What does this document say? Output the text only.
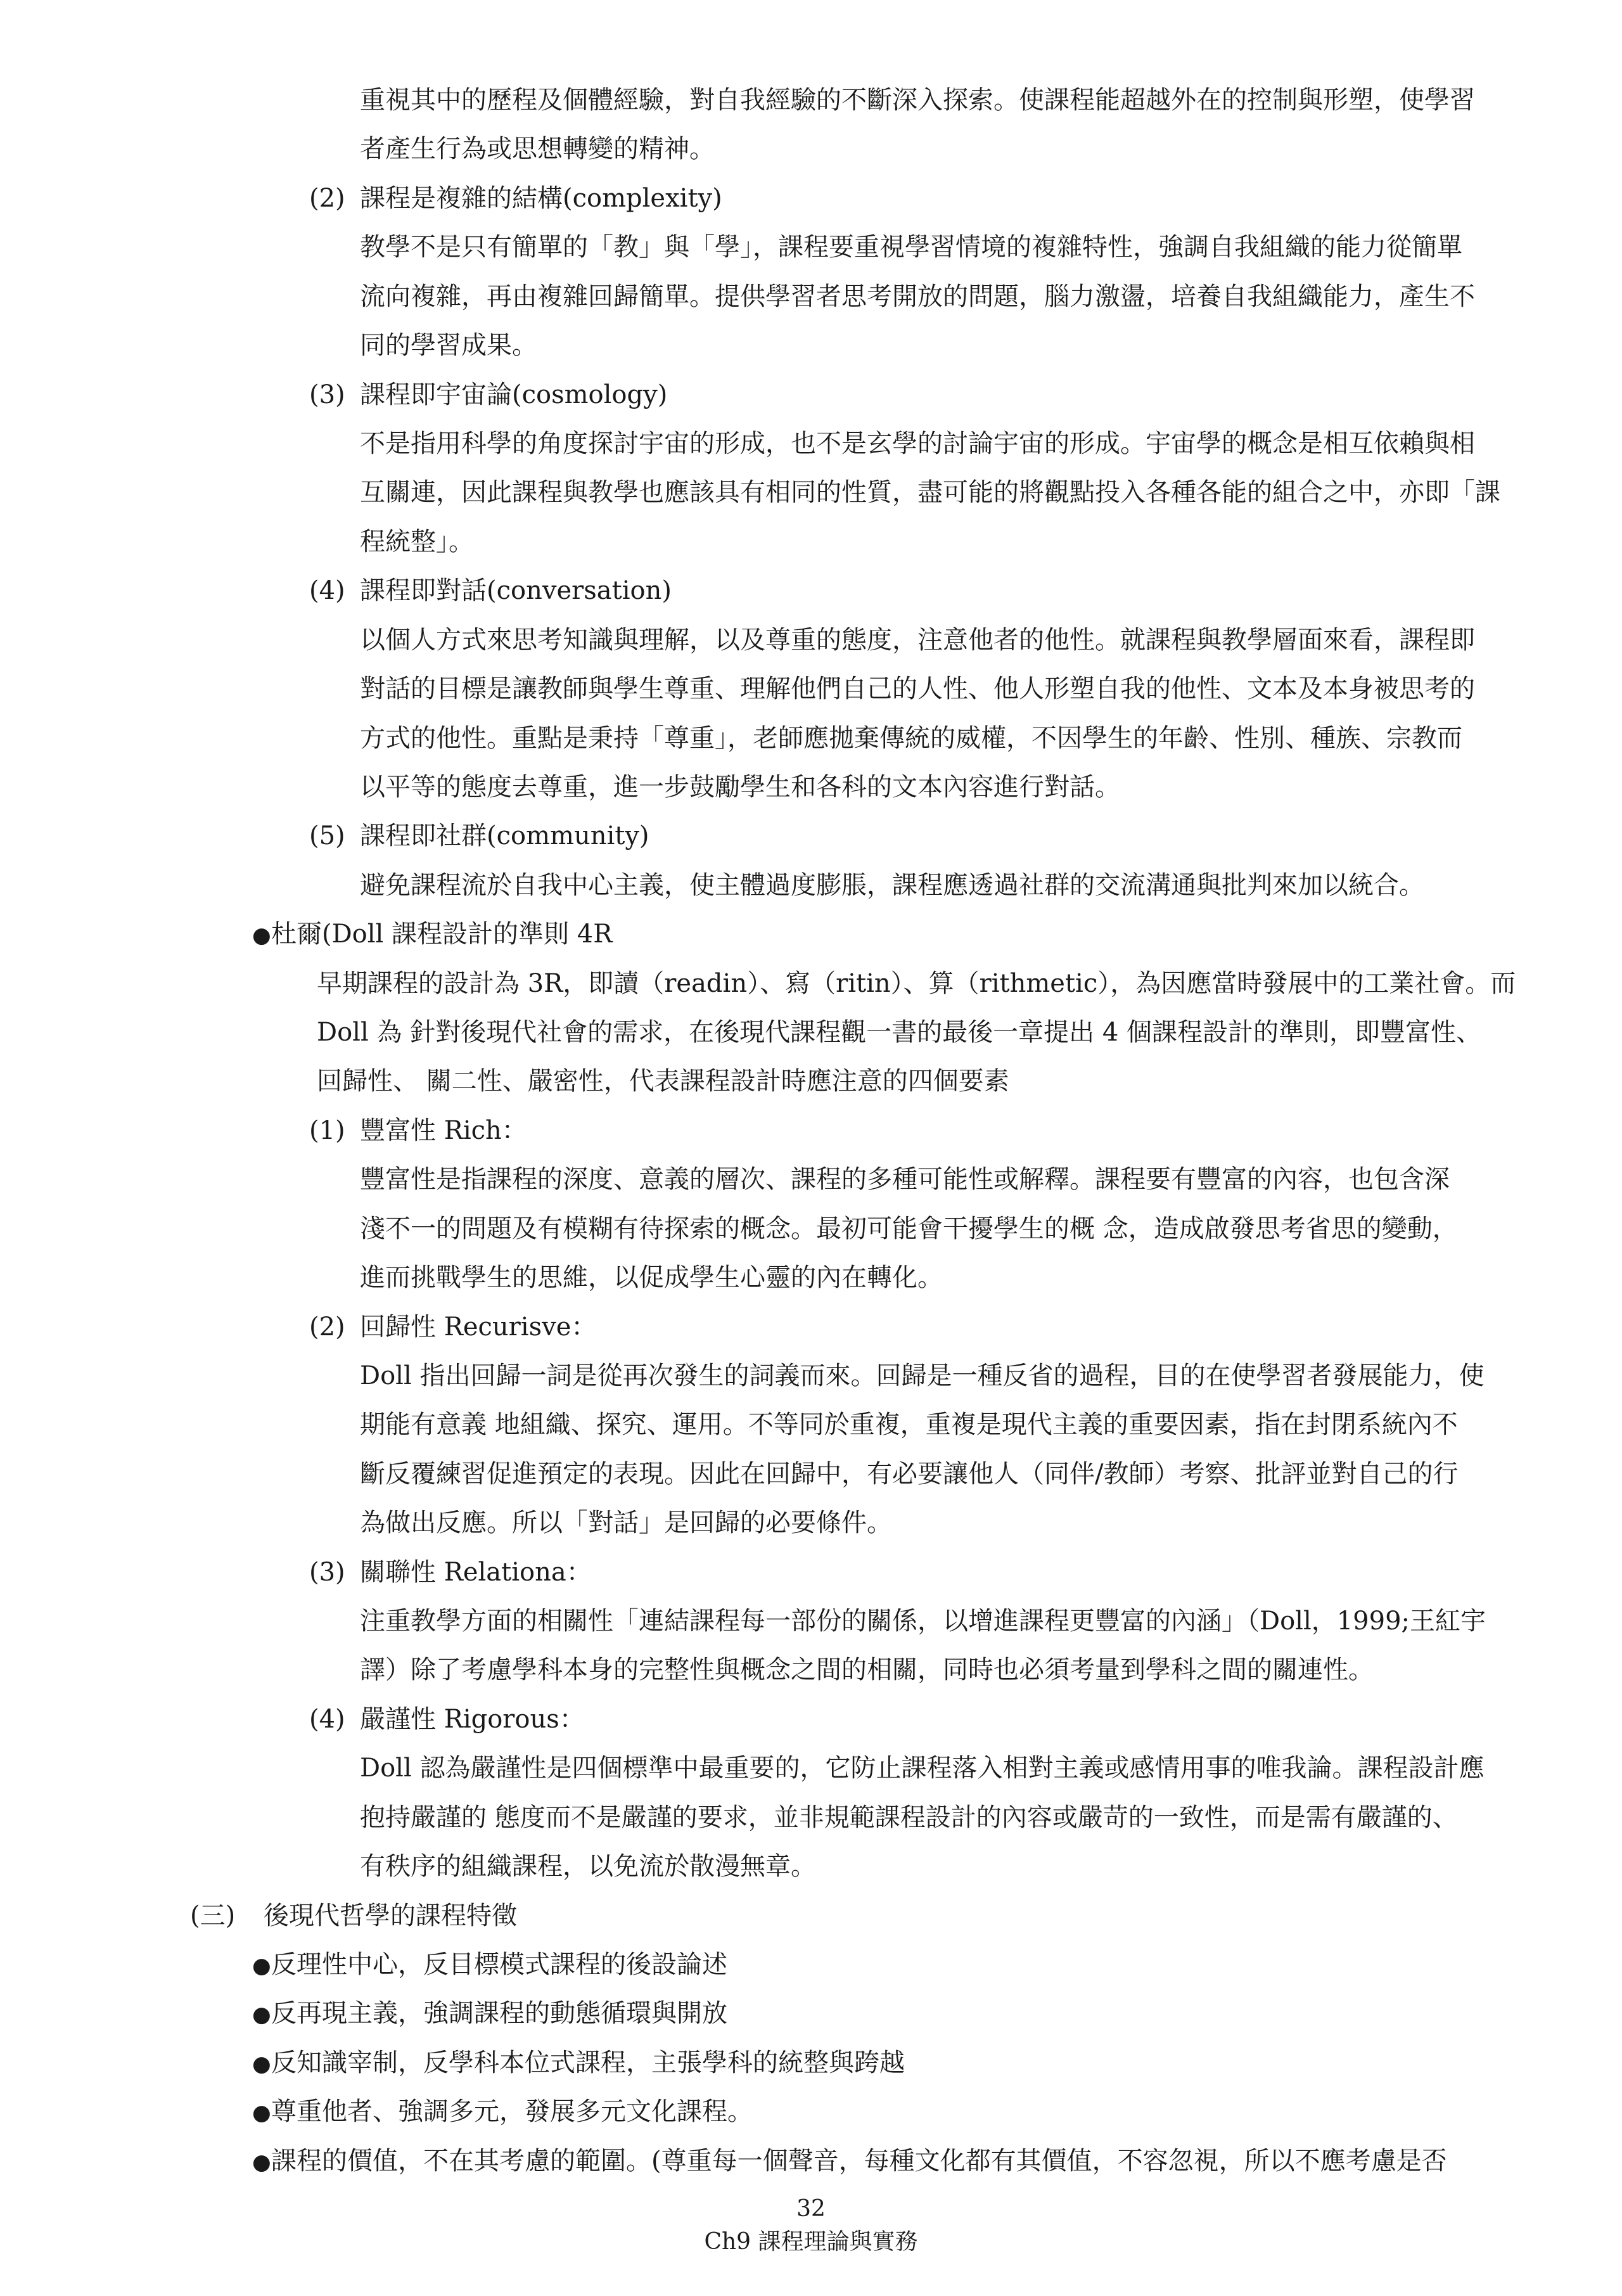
重視其中的歷程及個體經驗，對自我經驗的不斷深入探索。使課程能超越外在的控制與形塑，使學習
者產生行為或思想轉變的精神。
(2) 課程是複雜的結構(complexity)
教學不是只有簡單的「教」與「學」，課程要重視學習情境的複雜特性，強調自我組織的能力從簡單
流向複雜，再由複雜回歸簡單。提供學習者思考開放的問題，腦力激盪，培養自我組織能力，產生不
同的學習成果。
(3) 課程即宇宙論(cosmology)
不是指用科學的角度探討宇宙的形成，也不是玄學的討論宇宙的形成。宇宙學的概念是相互依賴與相
互關連，因此課程與教學也應該具有相同的性質，盡可能的將觀點投入各種各能的組合之中，亦即「課
程統整」。
(4) 課程即對話(conversation)
以個人方式來思考知識與理解，以及尊重的態度，注意他者的他性。就課程與教學層面來看，課程即
對話的目標是讓教師與學生尊重、理解他們自己的人性、他人形塑自我的他性、文本及本身被思考的
方式的他性。重點是秉持「尊重」，老師應拋棄傳統的威權，不因學生的年齡、性別、種族、宗教而
以平等的態度去尊重，進一步鼓勵學生和各科的文本內容進行對話。
(5) 課程即社群(community)
避免課程流於自我中心主義，使主體過度膨脹，課程應透過社群的交流溝通與批判來加以統合。
●杜爾(Doll 課程設計的準則 4R
早期課程的設計為 3R，即讀（readin）、寫（ritin）、算（rithmetic），為因應當時發展中的工業社會。而
Doll 為 針對後現代社會的需求，在後現代課程觀一書的最後一章提出 4 個課程設計的準則，即豐富性、
回歸性、 關二性、嚴密性，代表課程設計時應注意的四個要素
(1) 豐富性 Rich：
豐富性是指課程的深度、意義的層次、課程的多種可能性或解釋。課程要有豐富的內容，也包含深
淺不一的問題及有模糊有待探索的概念。最初可能會干擾學生的概 念，造成啟發思考省思的變動，
進而挑戰學生的思維，以促成學生心靈的內在轉化。
(2) 回歸性 Recurisve：
Doll 指出回歸一詞是從再次發生的詞義而來。回歸是一種反省的過程，目的在使學習者發展能力，使
期能有意義 地組織、探究、運用。不等同於重複，重複是現代主義的重要因素，指在封閉系統內不
斷反覆練習促進預定的表現。因此在回歸中，有必要讓他人（同伴/教師）考察、批評並對自己的行
為做出反應。所以「對話」是回歸的必要條件。
(3) 關聯性 Relationa：
注重教學方面的相關性「連結課程每一部份的關係，以增進課程更豐富的內涵」（Doll，1999;王紅宇
譯）除了考慮學科本身的完整性與概念之間的相關，同時也必須考量到學科之間的關連性。
(4) 嚴謹性 Rigorous：
Doll 認為嚴謹性是四個標準中最重要的，它防止課程落入相對主義或感情用事的唯我論。課程設計應
抱持嚴謹的 態度而不是嚴謹的要求，並非規範課程設計的內容或嚴苛的一致性，而是需有嚴謹的、
有秩序的組織課程，以免流於散漫無章。
(三) 後現代哲學的課程特徵
●反理性中心，反目標模式課程的後設論述
●反再現主義，強調課程的動態循環與開放
●反知識宰制，反學科本位式課程，主張學科的統整與跨越
●尊重他者、強調多元，發展多元文化課程。
●課程的價值，不在其考慮的範圍。(尊重每一個聲音，每種文化都有其價值，不容忽視，所以不應考慮是否
32
Ch9 課程理論與實務
